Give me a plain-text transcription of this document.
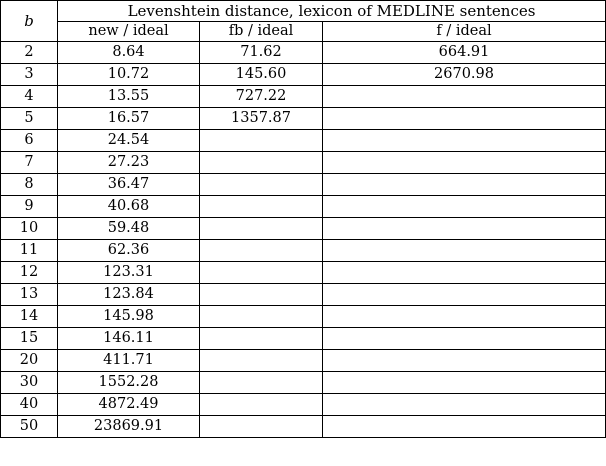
b	Levenshtein distance, lexicon of MEDLINE sentences		
	new / ideal	fb / ideal	f / ideal
2	8.64	71.62	664.91
3	10.72	145.60	2670.98
4	13.55	727.22	
5	16.57	1357.87	
6	24.54		
7	27.23		
8	36.47		
9	40.68		
10	59.48		
11	62.36		
12	123.31		
13	123.84		
14	145.98		
15	146.11		
20	411.71		
30	1552.28		
40	4872.49		
50	23869.91		
